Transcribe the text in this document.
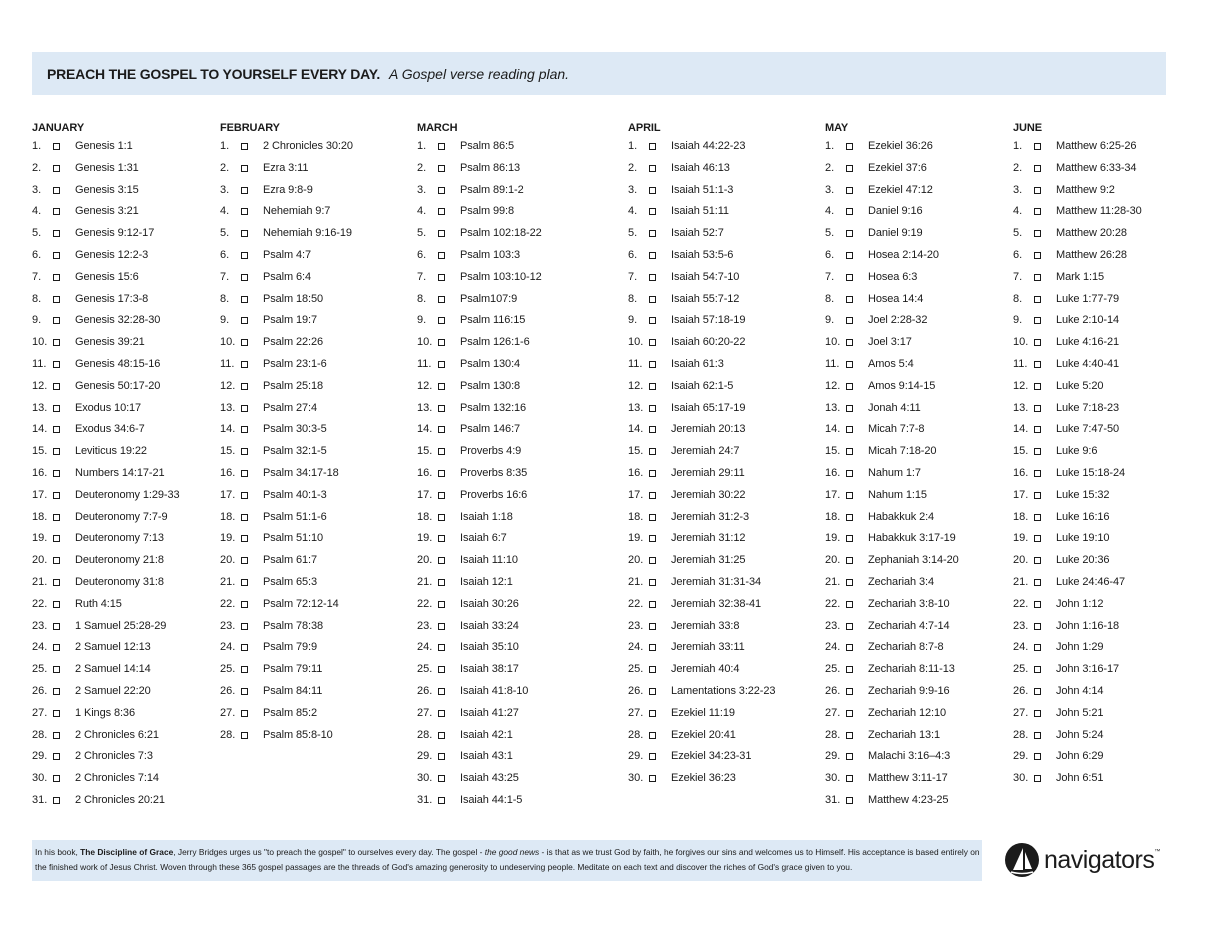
PREACH THE GOSPEL TO YOURSELF EVERY DAY. A Gospel verse reading plan.
JANUARY
1.	Genesis 1:1
2.	Genesis 1:31
3.	Genesis 3:15
4.	Genesis 3:21
5.	Genesis 9:12-17
6.	Genesis 12:2-3
7.	Genesis 15:6
8.	Genesis 17:3-8
9.	Genesis 32:28-30
10.	Genesis 39:21
11.	Genesis 48:15-16
12.	Genesis 50:17-20
13.	Exodus 10:17
14.	Exodus 34:6-7
15.	Leviticus 19:22
16.	Numbers 14:17-21
17.	Deuteronomy 1:29-33
18.	Deuteronomy 7:7-9
19.	Deuteronomy 7:13
20.	Deuteronomy 21:8
21.	Deuteronomy 31:8
22.	Ruth 4:15
23.	1 Samuel 25:28-29
24.	2 Samuel 12:13
25.	2 Samuel 14:14
26.	2 Samuel 22:20
27.	1 Kings 8:36
28.	2 Chronicles 6:21
29.	2 Chronicles 7:3
30.	2 Chronicles 7:14
31.	2 Chronicles 20:21
FEBRUARY
1.	2 Chronicles 30:20
2.	Ezra 3:11
3.	Ezra 9:8-9
4.	Nehemiah 9:7
5.	Nehemiah 9:16-19
6.	Psalm 4:7
7.	Psalm 6:4
8.	Psalm 18:50
9.	Psalm 19:7
10.	Psalm 22:26
11.	Psalm 23:1-6
12.	Psalm 25:18
13.	Psalm 27:4
14.	Psalm 30:3-5
15.	Psalm 32:1-5
16.	Psalm 34:17-18
17.	Psalm 40:1-3
18.	Psalm 51:1-6
19.	Psalm 51:10
20.	Psalm 61:7
21.	Psalm 65:3
22.	Psalm 72:12-14
23.	Psalm 78:38
24.	Psalm 79:9
25.	Psalm 79:11
26.	Psalm 84:11
27.	Psalm 85:2
28.	Psalm 85:8-10
MARCH
1.	Psalm 86:5
2.	Psalm 86:13
3.	Psalm 89:1-2
4.	Psalm 99:8
5.	Psalm 102:18-22
6.	Psalm 103:3
7.	Psalm 103:10-12
8.	Psalm107:9
9.	Psalm 116:15
10.	Psalm 126:1-6
11.	Psalm 130:4
12.	Psalm 130:8
13.	Psalm 132:16
14.	Psalm 146:7
15.	Proverbs 4:9
16.	Proverbs 8:35
17.	Proverbs 16:6
18.	Isaiah 1:18
19.	Isaiah 6:7
20.	Isaiah 11:10
21.	Isaiah 12:1
22.	Isaiah 30:26
23.	Isaiah 33:24
24.	Isaiah 35:10
25.	Isaiah 38:17
26.	Isaiah 41:8-10
27.	Isaiah 41:27
28.	Isaiah 42:1
29.	Isaiah 43:1
30.	Isaiah 43:25
31.	Isaiah 44:1-5
APRIL
1.	Isaiah 44:22-23
2.	Isaiah 46:13
3.	Isaiah 51:1-3
4.	Isaiah 51:11
5.	Isaiah 52:7
6.	Isaiah 53:5-6
7.	Isaiah 54:7-10
8.	Isaiah 55:7-12
9.	Isaiah 57:18-19
10.	Isaiah 60:20-22
11.	Isaiah 61:3
12.	Isaiah 62:1-5
13.	Isaiah 65:17-19
14.	Jeremiah 20:13
15.	Jeremiah 24:7
16.	Jeremiah 29:11
17.	Jeremiah 30:22
18.	Jeremiah 31:2-3
19.	Jeremiah 31:12
20.	Jeremiah 31:25
21.	Jeremiah 31:31-34
22.	Jeremiah 32:38-41
23.	Jeremiah 33:8
24.	Jeremiah 33:11
25.	Jeremiah 40:4
26.	Lamentations 3:22-23
27.	Ezekiel 11:19
28.	Ezekiel 20:41
29.	Ezekiel 34:23-31
30.	Ezekiel 36:23
MAY
1.	Ezekiel 36:26
2.	Ezekiel 37:6
3.	Ezekiel 47:12
4.	Daniel 9:16
5.	Daniel 9:19
6.	Hosea 2:14-20
7.	Hosea 6:3
8.	Hosea 14:4
9.	Joel 2:28-32
10.	Joel 3:17
11.	Amos 5:4
12.	Amos 9:14-15
13.	Jonah 4:11
14.	Micah 7:7-8
15.	Micah 7:18-20
16.	Nahum 1:7
17.	Nahum 1:15
18.	Habakkuk 2:4
19.	Habakkuk 3:17-19
20.	Zephaniah 3:14-20
21.	Zechariah 3:4
22.	Zechariah 3:8-10
23.	Zechariah 4:7-14
24.	Zechariah 8:7-8
25.	Zechariah 8:11-13
26.	Zechariah 9:9-16
27.	Zechariah 12:10
28.	Zechariah 13:1
29.	Malachi 3:16–4:3
30.	Matthew 3:11-17
31.	Matthew 4:23-25
JUNE
1.	Matthew 6:25-26
2.	Matthew 6:33-34
3.	Matthew 9:2
4.	Matthew 11:28-30
5.	Matthew 20:28
6.	Matthew 26:28
7.	Mark 1:15
8.	Luke 1:77-79
9.	Luke 2:10-14
10.	Luke 4:16-21
11.	Luke 4:40-41
12.	Luke 5:20
13.	Luke 7:18-23
14.	Luke 7:47-50
15.	Luke 9:6
16.	Luke 15:18-24
17.	Luke 15:32
18.	Luke 16:16
19.	Luke 19:10
20.	Luke 20:36
21.	Luke 24:46-47
22.	John 1:12
23.	John 1:16-18
24.	John 1:29
25.	John 3:16-17
26.	John 4:14
27.	John 5:21
28.	John 5:24
29.	John 6:29
30.	John 6:51
In his book, The Discipline of Grace, Jerry Bridges urges us "to preach the gospel" to ourselves every day. The gospel - the good news - is that as we trust God by faith, he forgives our sins and welcomes us to Himself. His acceptance is based entirely on the finished work of Jesus Christ. Woven through these 365 gospel passages are the threads of God's amazing generosity to undeserving people. Meditate on each text and discover the riches of God's grace given to you.	navigators ™
